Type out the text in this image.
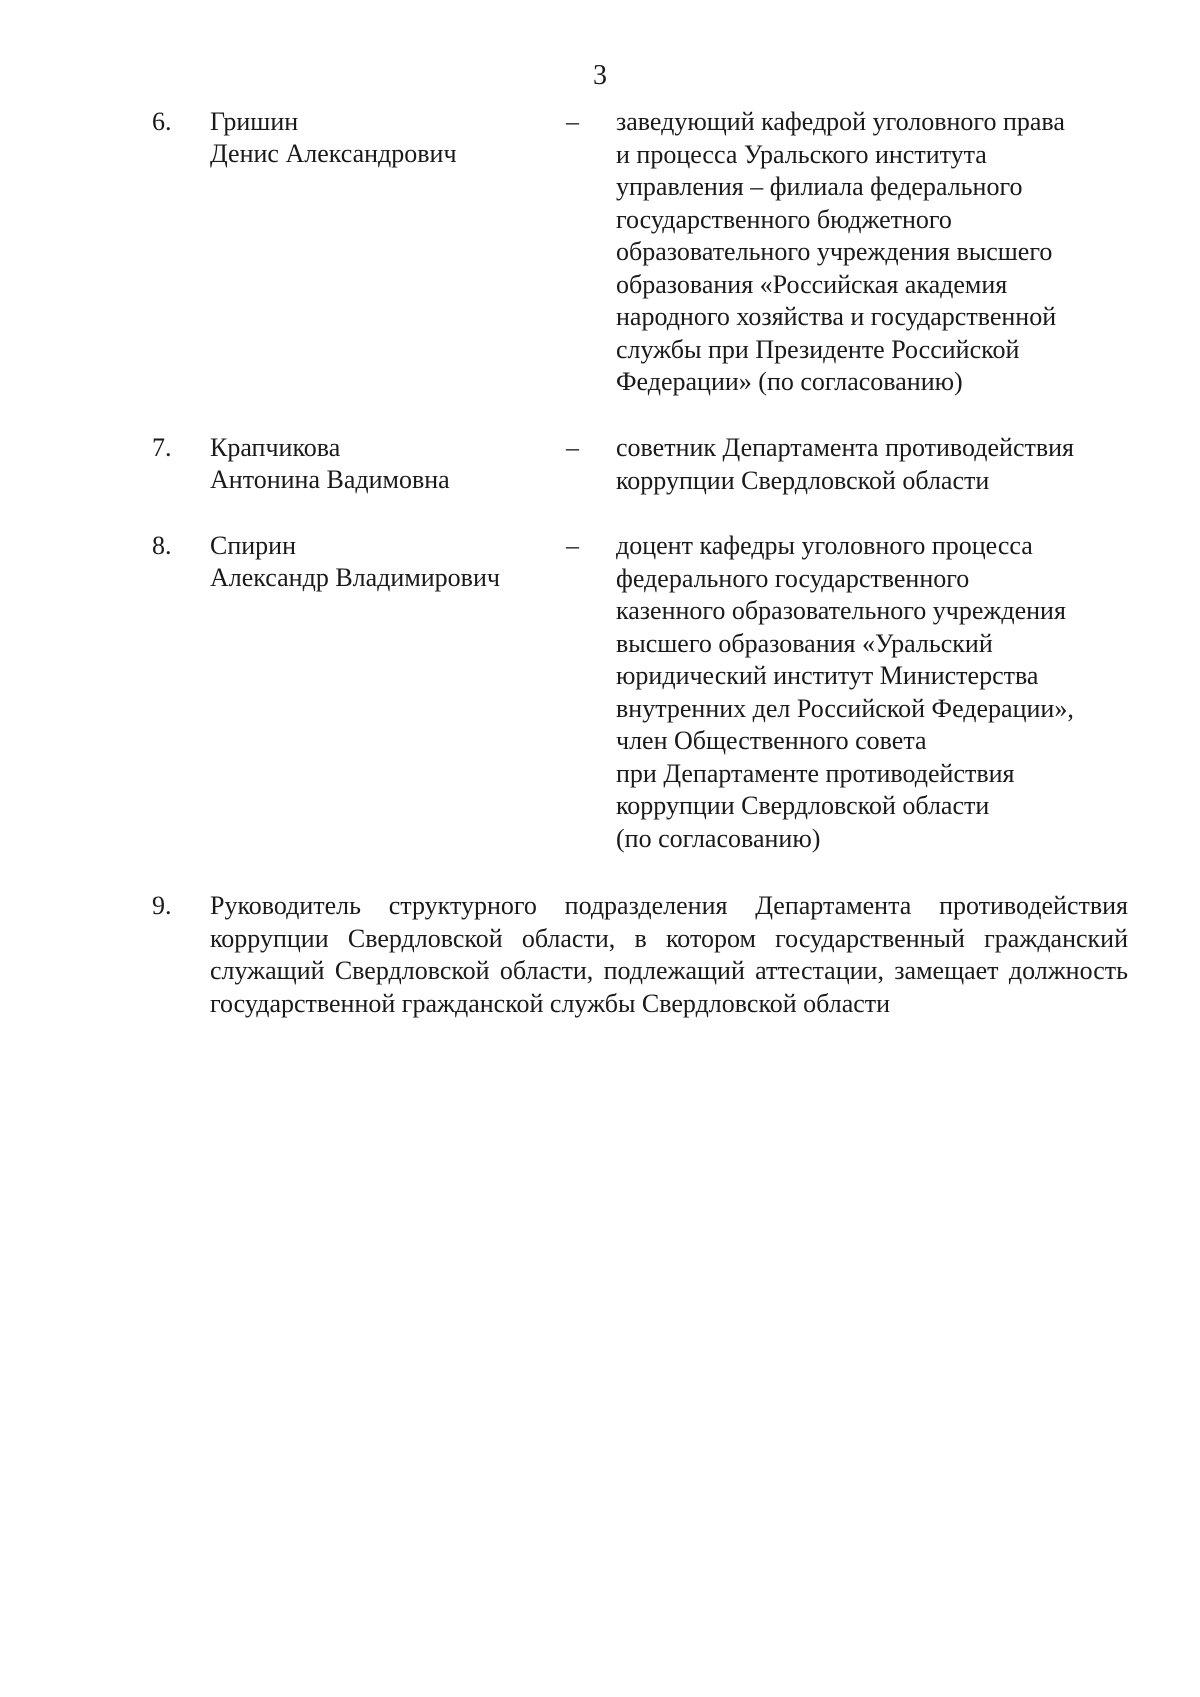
3
6. Гришин
Денис Александрович
– заведующий кафедрой уголовного права
и процесса Уральского института
управления – филиала федерального
государственного бюджетного
образовательного учреждения высшего
образования «Российская академия
народного хозяйства и государственной
службы при Президенте Российской
Федерации» (по согласованию)
7. Крапчикова
Антонина Вадимовна
– советник Департамента противодействия
коррупции Свердловской области
8. Спирин
Александр Владимирович
– доцент кафедры уголовного процесса
федерального государственного
казенного образовательного учреждения
высшего образования «Уральский
юридический институт Министерства
внутренних дел Российской Федерации»,
член Общественного совета
при Департаменте противодействия
коррупции Свердловской области
(по согласованию)
9. Руководитель структурного подразделения Департамента противодействия коррупции Свердловской области, в котором государственный гражданский служащий Свердловской области, подлежащий аттестации, замещает должность государственной гражданской службы Свердловской области
